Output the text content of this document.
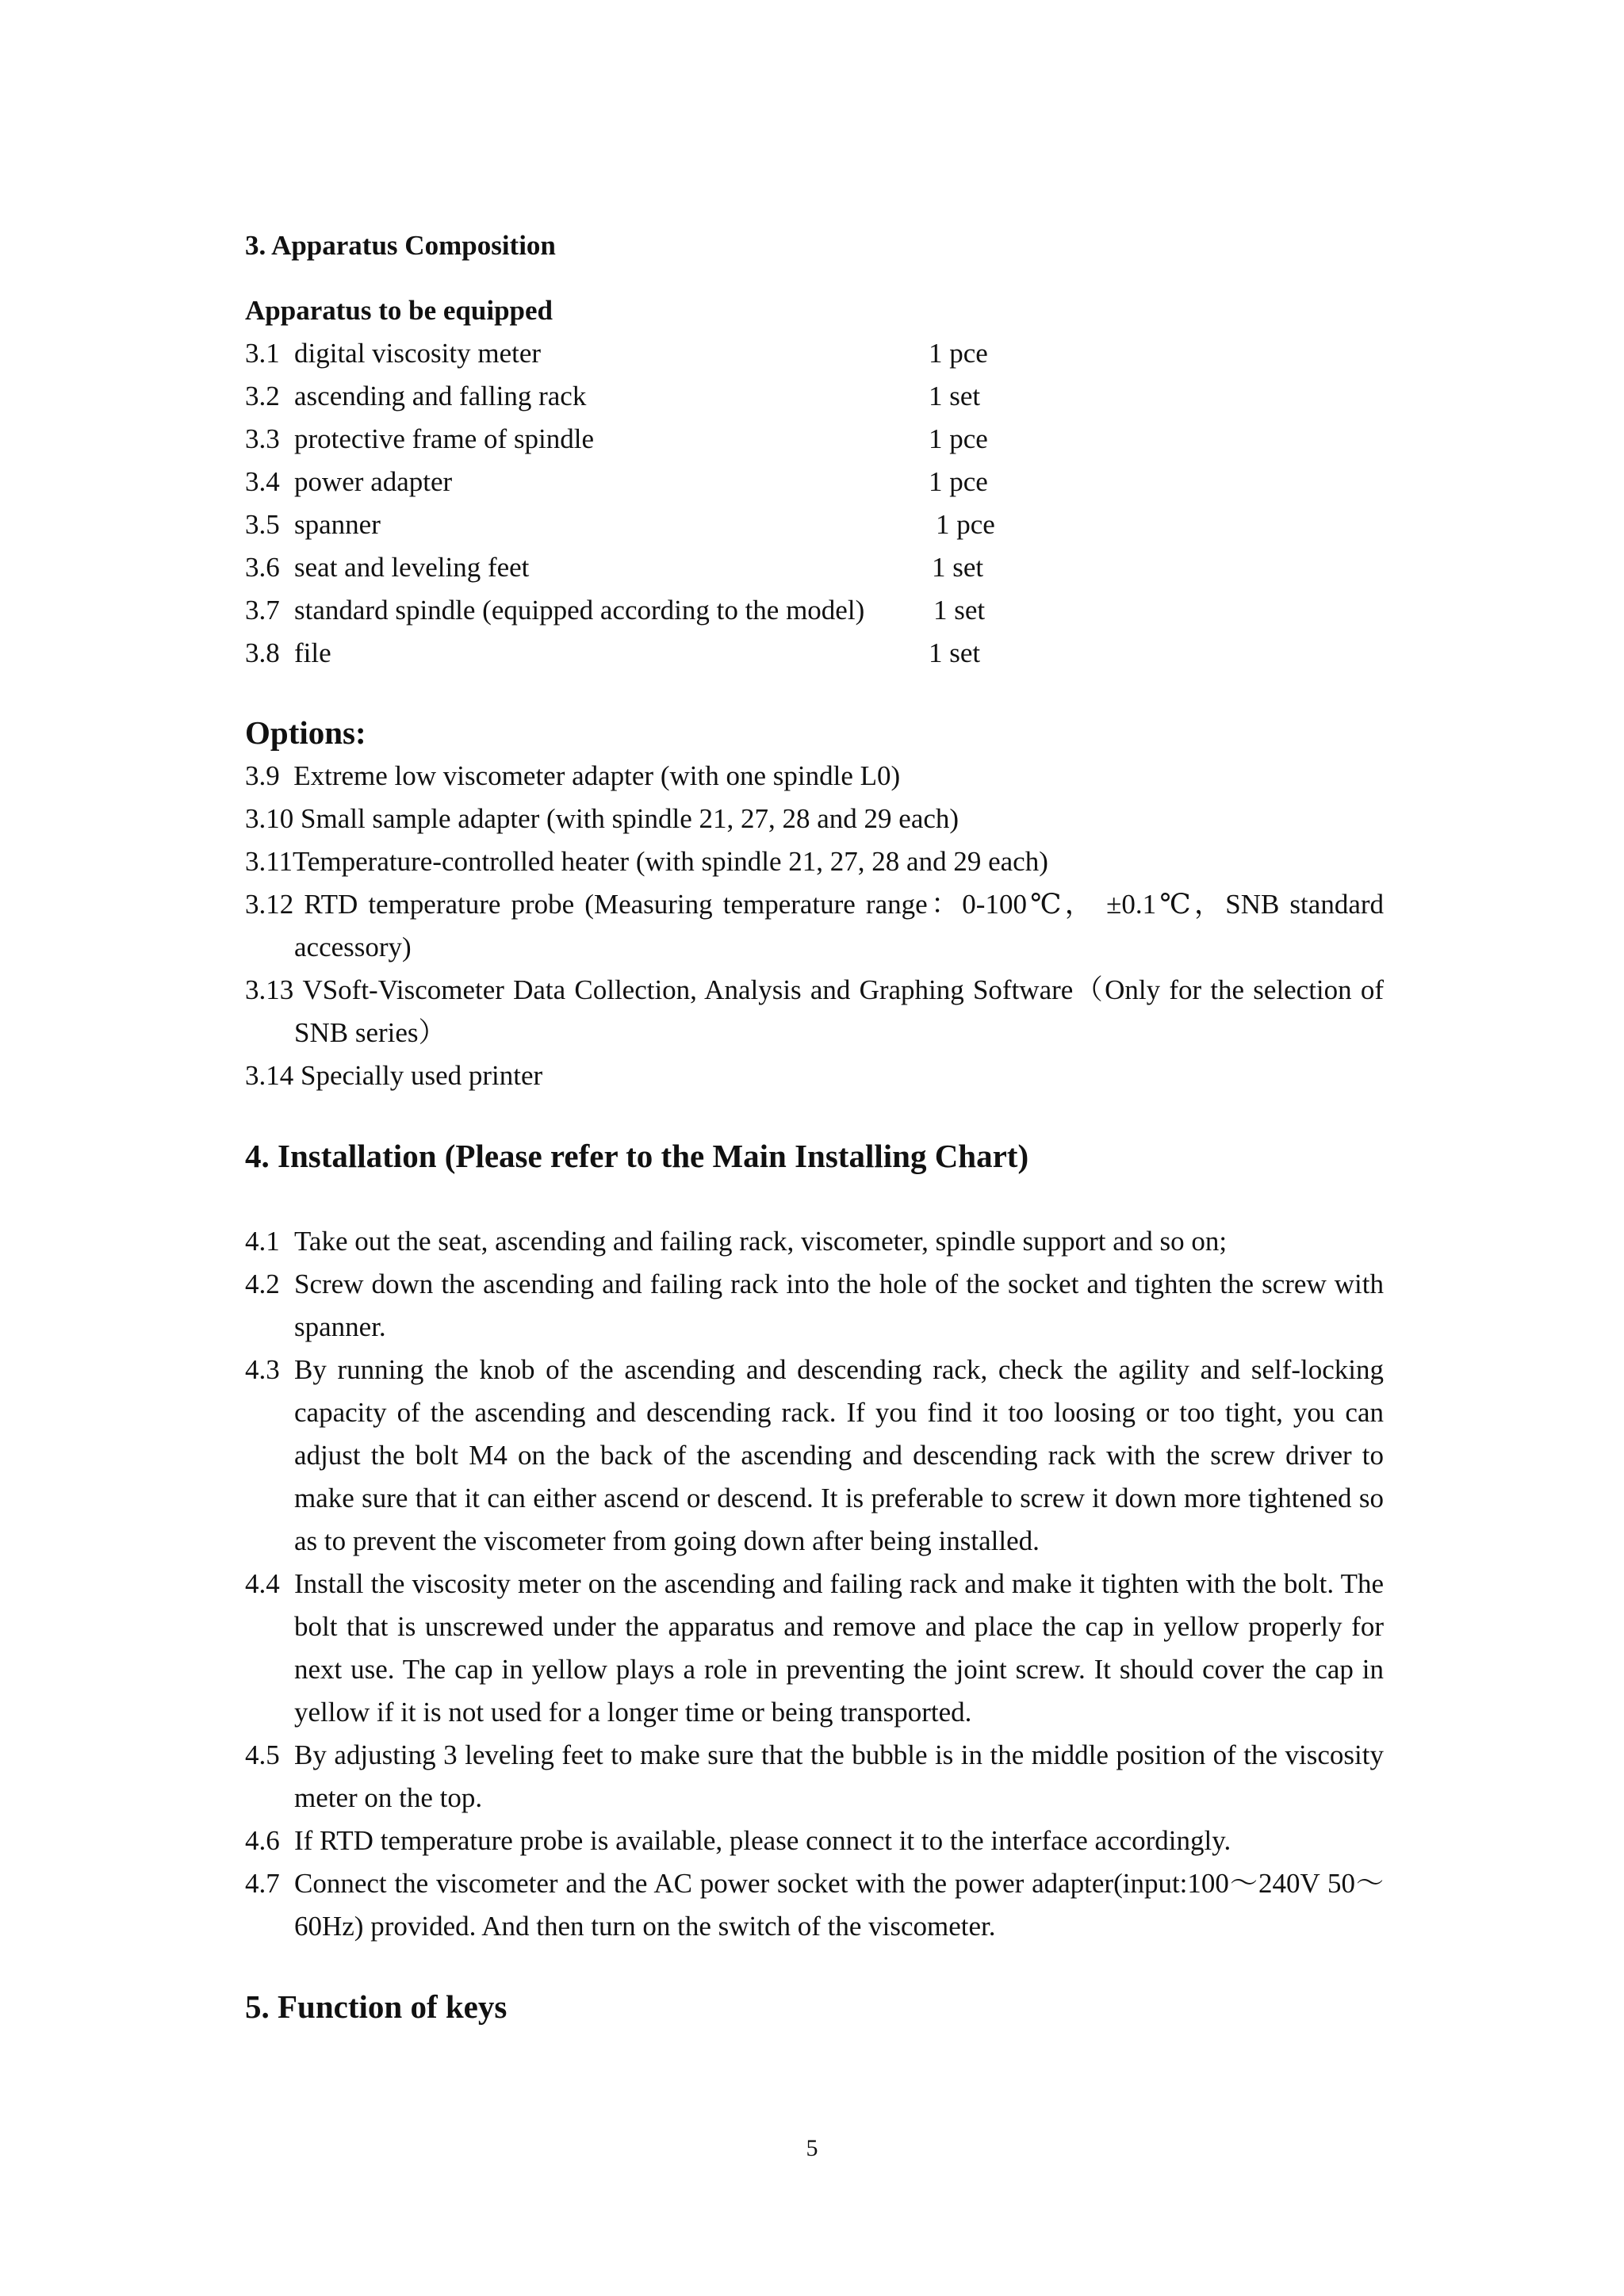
3. Apparatus Composition
Apparatus to be equipped
3.1 digital viscosity meter	1 pce
3.2 ascending and falling rack	1 set
3.3 protective frame of spindle	1 pce
3.4 power adapter	1 pce
3.5 spanner	1 pce
3.6 seat and leveling feet	1 set
3.7 standard spindle (equipped according to the model)	1 set
3.8 file	1 set
Options:
3.9 Extreme low viscometer adapter (with one spindle L0)
3.10 Small sample adapter (with spindle 21, 27, 28 and 29 each)
3.11Temperature-controlled heater (with spindle 21, 27, 28 and 29 each)
3.12 RTD temperature probe (Measuring temperature range：0-100℃， ±0.1℃，SNB standard accessory)
3.13 VSoft-Viscometer Data Collection, Analysis and Graphing Software（Only for the selection of SNB series）
3.14 Specially used printer
4. Installation (Please refer to the Main Installing Chart)
4.1 Take out the seat, ascending and failing rack, viscometer, spindle support and so on;
4.2 Screw down the ascending and failing rack into the hole of the socket and tighten the screw with spanner.
4.3 By running the knob of the ascending and descending rack, check the agility and self-locking capacity of the ascending and descending rack. If you find it too loosing or too tight, you can adjust the bolt M4 on the back of the ascending and descending rack with the screw driver to make sure that it can either ascend or descend. It is preferable to screw it down more tightened so as to prevent the viscometer from going down after being installed.
4.4 Install the viscosity meter on the ascending and failing rack and make it tighten with the bolt. The bolt that is unscrewed under the apparatus and remove and place the cap in yellow properly for next use. The cap in yellow plays a role in preventing the joint screw. It should cover the cap in yellow if it is not used for a longer time or being transported.
4.5 By adjusting 3 leveling feet to make sure that the bubble is in the middle position of the viscosity meter on the top.
4.6 If RTD temperature probe is available, please connect it to the interface accordingly.
4.7 Connect the viscometer and the AC power socket with the power adapter(input:100～240V 50～60Hz) provided. And then turn on the switch of the viscometer.
5. Function of keys
5
